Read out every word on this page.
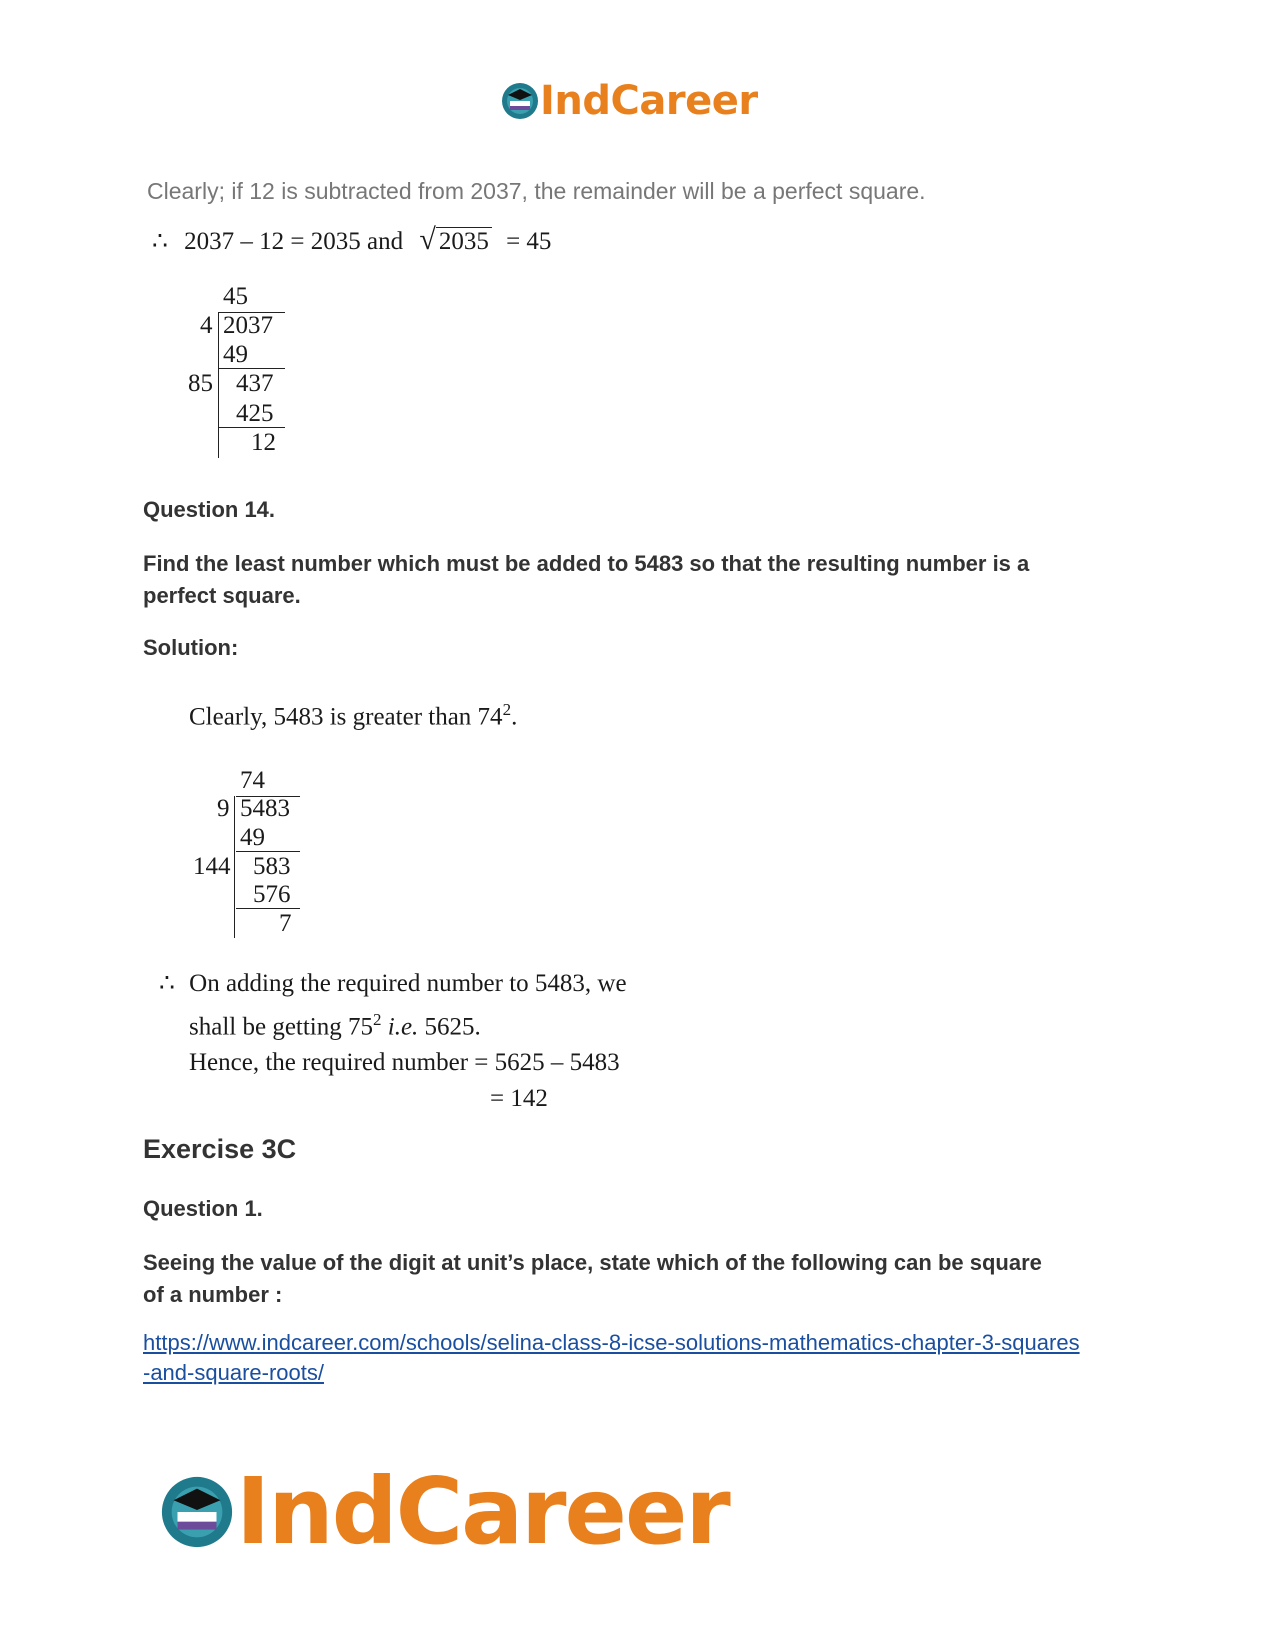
IndCareer
Clearly; if 12 is subtracted from 2037, the remainder will be a perfect square.
∴ 2037 – 12 = 2035 and √ 2035 = 45
45
4 2037
49
85 437
425
12
Question 14.
Find the least number which must be added to 5483 so that the resulting number is a perfect square.
Solution:
Clearly, 5483 is greater than $74^2$.
74
9 5483
49
144 583
576
7
∴ On adding the required number to 5483, we
shall be getting $75^2$ i.e. 5625.
Hence, the required number = 5625 – 5483
= 142
Exercise 3C
Question 1.
Seeing the value of the digit at unit’s place, state which of the following can be square of a number :
https://www.indcareer.com/schools/selina-class-8-icse-solutions-mathematics-chapter-3-squares
-and-square-roots/
IndCareer
